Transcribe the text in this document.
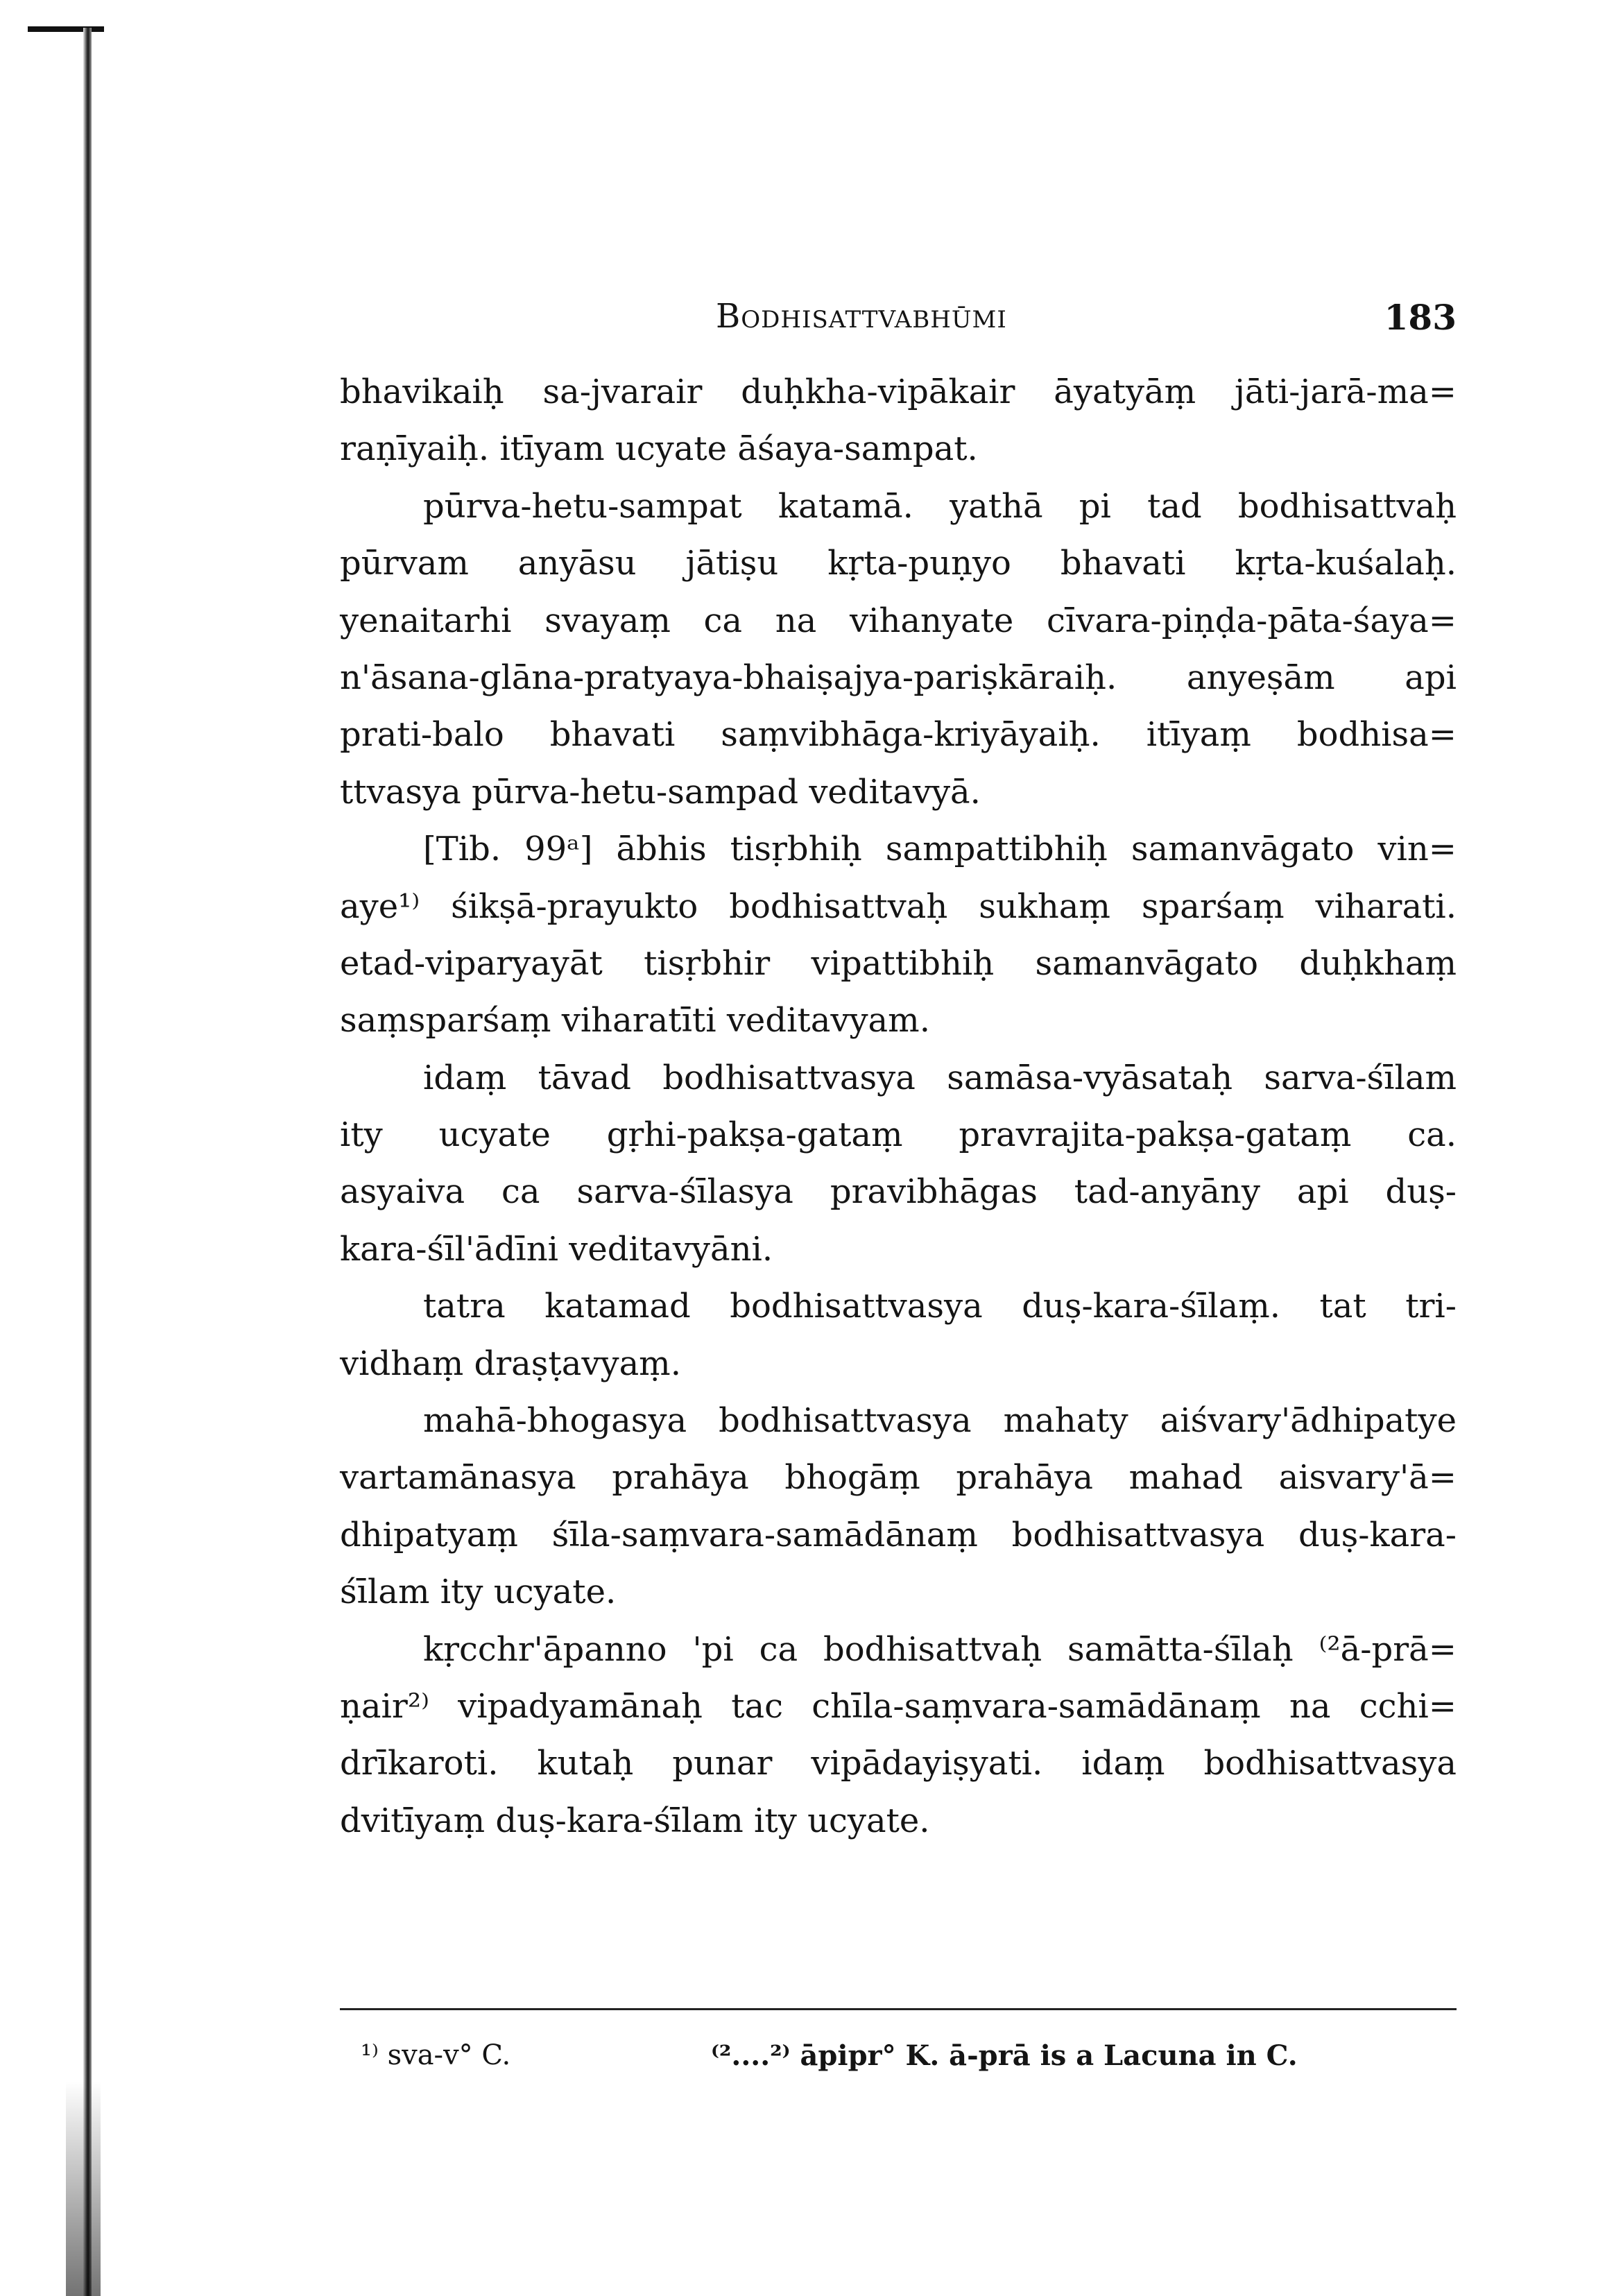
Bodhisattvabhūmi	183
bhavikaiḥ sa-jvarair duḥkha-vipākair āyatyāṃ jāti-jarā-ma=
raṇīyaiḥ. itīyam ucyate āśaya-sampat.
pūrva-hetu-sampat katamā. yathā pi tad bodhisattvaḥ
pūrvam anyāsu jātiṣu kṛta-puṇyo bhavati kṛta-kuśalaḥ.
yenaitarhi svayaṃ ca na vihanyate cīvara-piṇḍa-pāta-śaya=
n'āsana-glāna-pratyaya-bhaiṣajya-pariṣkāraiḥ. anyeṣām api
prati-balo bhavati saṃvibhāga-kriyāyaiḥ. itīyaṃ bodhisa=
ttvasya pūrva-hetu-sampad veditavyā.
[Tib. 99ᵃ] ābhis tisṛbhiḥ sampattibhiḥ samanvāgato vin=
aye¹⁾ śikṣā-prayukto bodhisattvaḥ sukhaṃ sparśaṃ viharati.
etad-viparyayāt tisṛbhir vipattibhiḥ samanvāgato duḥkhaṃ
saṃsparśaṃ viharatīti veditavyam.
idaṃ tāvad bodhisattvasya samāsa-vyāsataḥ sarva-śīlam
ity ucyate gṛhi-pakṣa-gataṃ pravrajita-pakṣa-gataṃ ca.
asyaiva ca sarva-śīlasya pravibhāgas tad-anyāny api duṣ-
kara-śīl'ādīni veditavyāni.
tatra katamad bodhisattvasya duṣ-kara-śīlaṃ. tat tri-
vidhaṃ draṣṭavyaṃ.
mahā-bhogasya bodhisattvasya mahaty aiśvary'ādhipatye
vartamānasya prahāya bhogāṃ prahāya mahad aisvary'ā=
dhipatyaṃ śīla-saṃvara-samādānaṃ bodhisattvasya duṣ-kara-
śīlam ity ucyate.
kṛcchr'āpanno 'pi ca bodhisattvaḥ samātta-śīlaḥ ⁽²ā-prā=
ṇair²⁾ vipadyamānaḥ tac chīla-saṃvara-samādānaṃ na cchi=
drīkaroti. kutaḥ punar vipādayiṣyati. idaṃ bodhisattvasya
dvitīyaṃ duṣ-kara-śīlam ity ucyate.
¹⁾ sva-v° C.	⁽²....²⁾ āpipr° K. ā-prā is a Lacuna in C.
